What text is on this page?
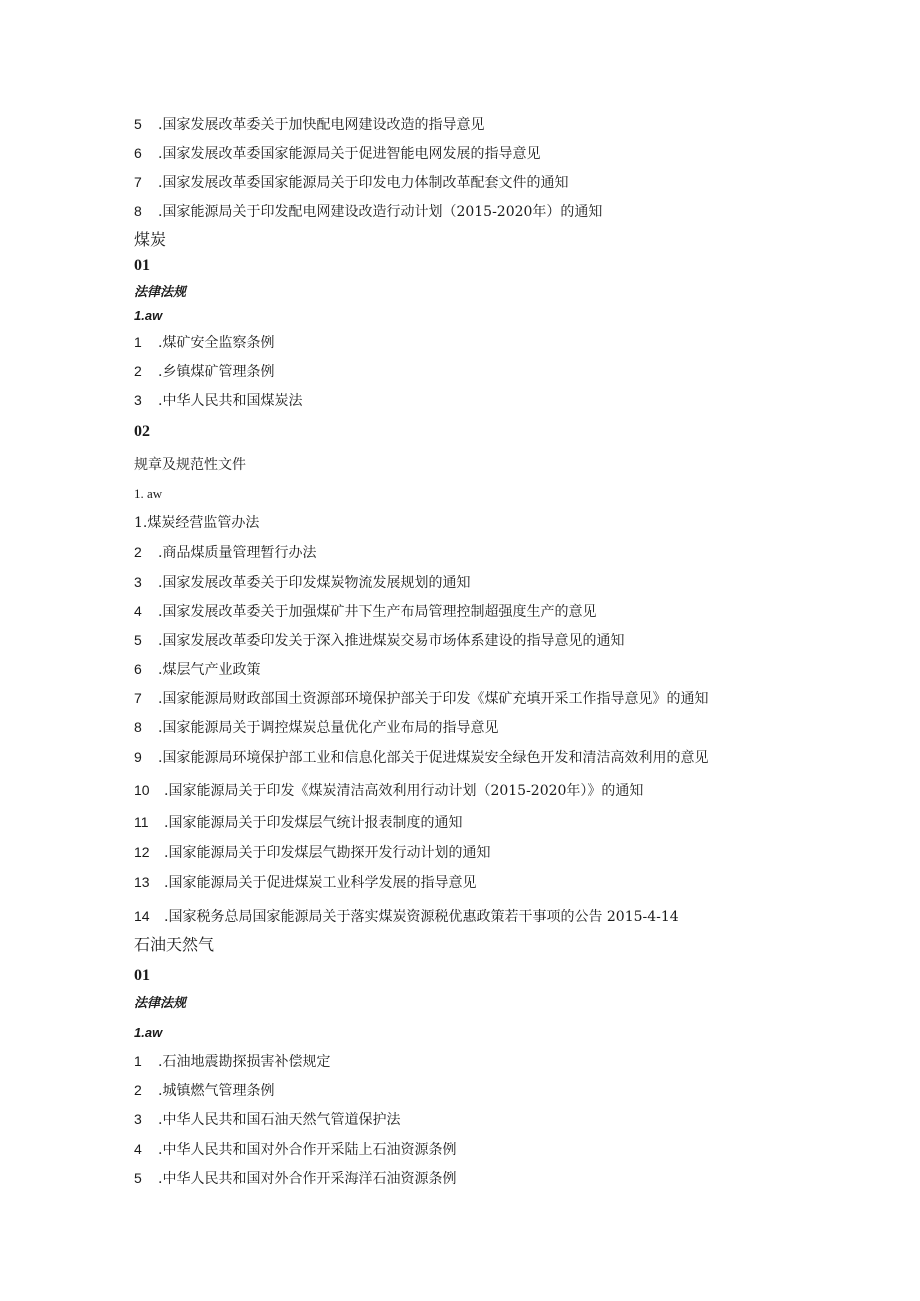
5 .国家发展改革委关于加快配电网建设改造的指导意见
6 .国家发展改革委国家能源局关于促进智能电网发展的指导意见
7 .国家发展改革委国家能源局关于印发电力体制改革配套文件的通知
8 .国家能源局关于印发配电网建设改造行动计划（2015-2020年）的通知
煤炭
01
法律法规
1.aw
1 .煤矿安全监察条例
2 .乡镇煤矿管理条例
3 .中华人民共和国煤炭法
02
规章及规范性文件
1. aw
1.煤炭经营监管办法
2 .商品煤质量管理暂行办法
3 .国家发展改革委关于印发煤炭物流发展规划的通知
4 .国家发展改革委关于加强煤矿井下生产布局管理控制超强度生产的意见
5 .国家发展改革委印发关于深入推进煤炭交易市场体系建设的指导意见的通知
6 .煤层气产业政策
7 .国家能源局财政部国土资源部环境保护部关于印发《煤矿充填开采工作指导意见》的通知
8 .国家能源局关于调控煤炭总量优化产业布局的指导意见
9 .国家能源局环境保护部工业和信息化部关于促进煤炭安全绿色开发和清洁高效利用的意见
10 .国家能源局关于印发《煤炭清洁高效利用行动计划（2015-2020年）》的通知
11 .国家能源局关于印发煤层气统计报表制度的通知
12 .国家能源局关于印发煤层气勘探开发行动计划的通知
13 .国家能源局关于促进煤炭工业科学发展的指导意见
14 .国家税务总局国家能源局关于落实煤炭资源税优惠政策若干事项的公告 2015-4-14
石油天然气
01
法律法规
1.aw
1 .石油地震勘探损害补偿规定
2 .城镇燃气管理条例
3 .中华人民共和国石油天然气管道保护法
4 .中华人民共和国对外合作开采陆上石油资源条例
5 .中华人民共和国对外合作开采海洋石油资源条例
